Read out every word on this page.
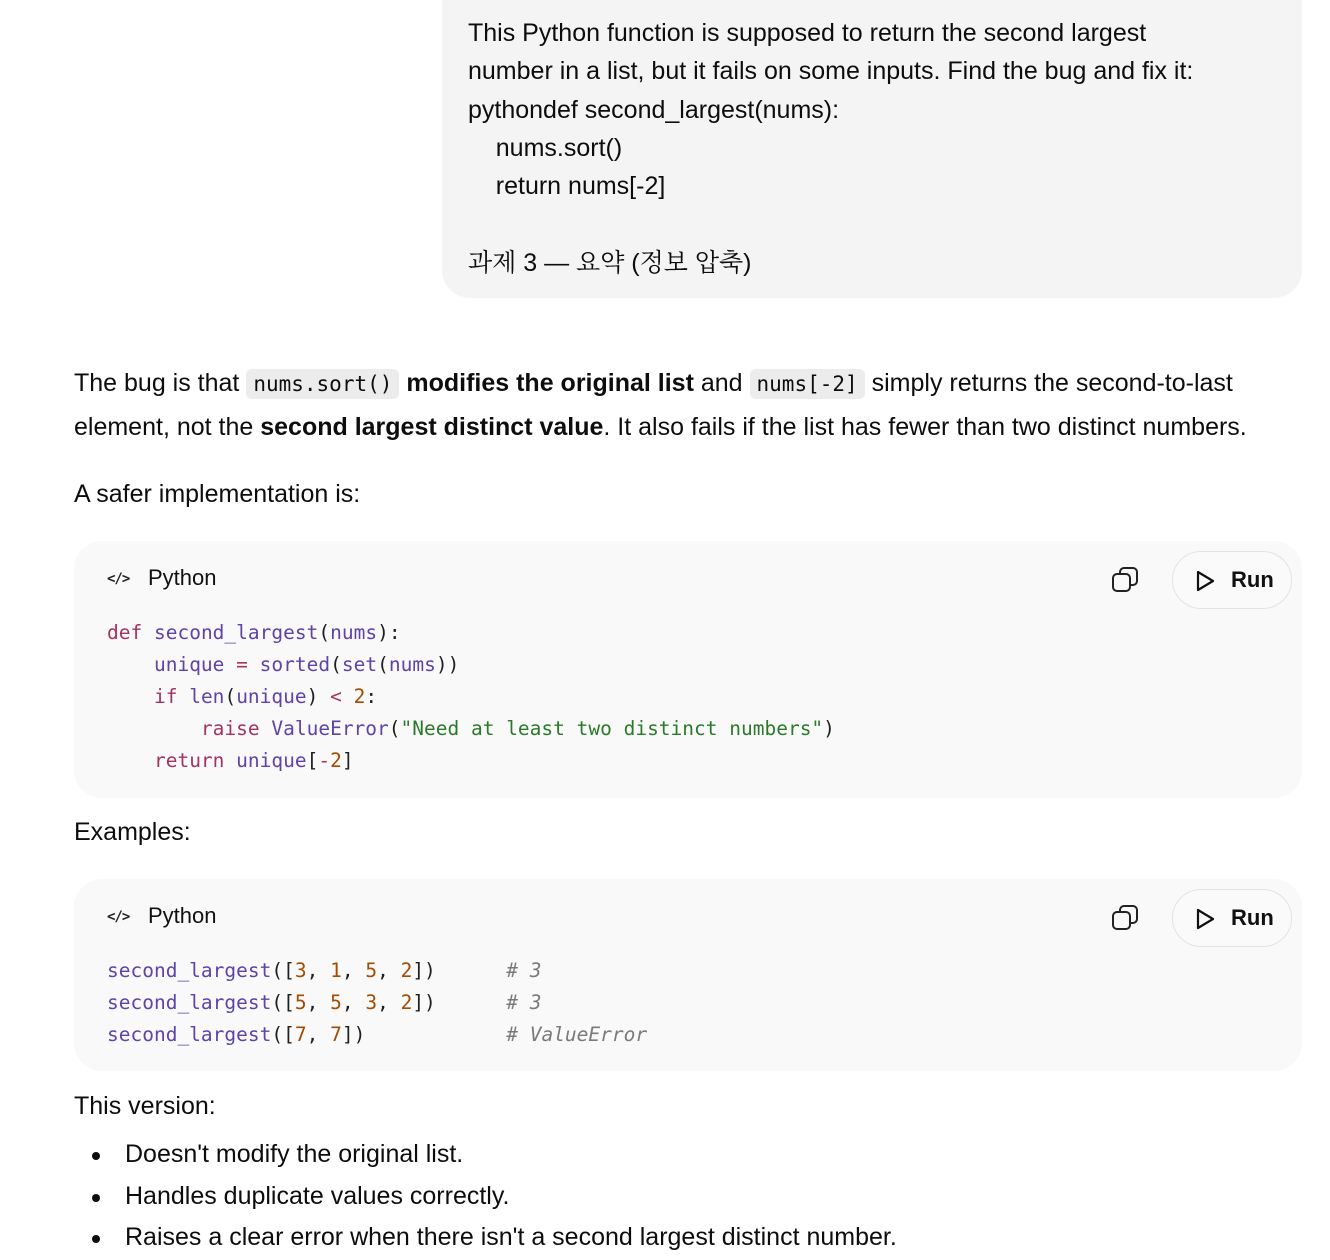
This Python function is supposed to return the second largest

number in a list, but it fails on some inputs. Find the bug and fix it:

pythondef second_largest(nums):

nums.sort()

return nums[-2]

과제 3 — 요약 (정보 압축)

The bug is that nums.sort() modifies the original list and nums[-2] simply returns the second-to-last element, not the second largest distinct value. It also fails if the list has fewer than two distinct numbers.

A safer implementation is:

</> Python	Run
def second_largest(nums):
unique = sorted(set(nums))
if len(unique) < 2:
raise ValueError("Need at least two distinct numbers")
return unique[-2]

Examples:

</> Python	Run
second_largest([3, 1, 5, 2])      # 3
second_largest([5, 5, 3, 2])      # 3
second_largest([7, 7])            # ValueError

This version:

Doesn't modify the original list.
Handles duplicate values correctly.
Raises a clear error when there isn't a second largest distinct number.
